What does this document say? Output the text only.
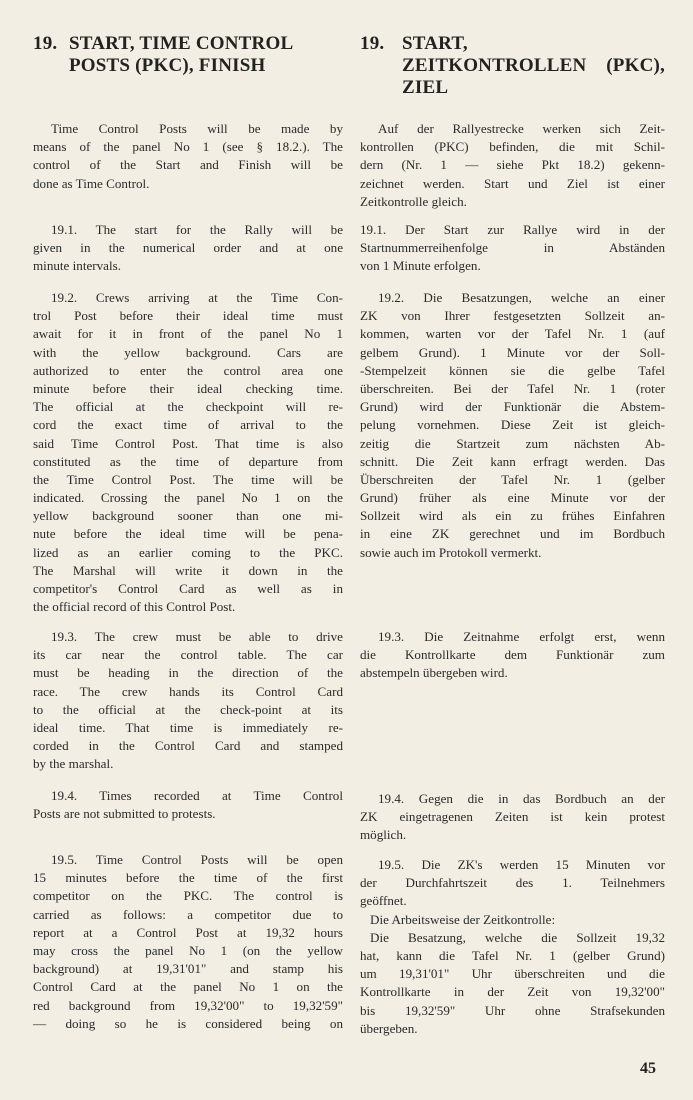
19. START, TIME CONTROL
POSTS (PKC), FINISH
Time Control Posts will be made by
means of the panel No 1 (see § 18.2.). The
control of the Start and Finish will be
done as Time Control.
19.1. The start for the Rally will be
given in the numerical order and at one
minute intervals.
19.2. Crews arriving at the Time Con-
trol Post before their ideal time must
await for it in front of the panel No 1
with the yellow background. Cars are
authorized to enter the control area one
minute before their ideal checking time.
The official at the checkpoint will re-
cord the exact time of arrival to the
said Time Control Post. That time is also
constituted as the time of departure from
the Time Control Post. The time will be
indicated. Crossing the panel No 1 on the
yellow background sooner than one mi-
nute before the ideal time will be pena-
lized as an earlier coming to the PKC.
The Marshal will write it down in the
competitor's Control Card as well as in
the official record of this Control Post.
19.3. The crew must be able to drive
its car near the control table. The car
must be heading in the direction of the
race. The crew hands its Control Card
to the official at the check-point at its
ideal time. That time is immediately re-
corded in the Control Card and stamped
by the marshal.
19.4. Times recorded at Time Control
Posts are not submitted to protests.
19.5. Time Control Posts will be open
15 minutes before the time of the first
competitor on the PKC. The control is
carried as follows: a competitor due to
report at a Control Post at 19,32 hours
may cross the panel No 1 (on the yellow
background) at 19,31'01" and stamp his
Control Card at the panel No 1 on the
red background from 19,32'00" to 19,32'59"
— doing so he is considered being on
19. START,
ZEITKONTROLLEN (PKC),
ZIEL
Auf der Rallyestrecke werken sich Zeit-
kontrollen (PKC) befinden, die mit Schil-
dern (Nr. 1 — siehe Pkt 18.2) gekenn-
zeichnet werden. Start und Ziel ist einer
Zeitkontrolle gleich.
19.1. Der Start zur Rallye wird in der
Startnummerreihenfolge in Abständen
von 1 Minute erfolgen.
19.2. Die Besatzungen, welche an einer
ZK von Ihrer festgesetzten Sollzeit an-
kommen, warten vor der Tafel Nr. 1 (auf
gelbem Grund). 1 Minute vor der Soll-
-Stempelzeit können sie die gelbe Tafel
überschreiten. Bei der Tafel Nr. 1 (roter
Grund) wird der Funktionär die Abstem-
pelung vornehmen. Diese Zeit ist gleich-
zeitig die Startzeit zum nächsten Ab-
schnitt. Die Zeit kann erfragt werden. Das
Überschreiten der Tafel Nr. 1 (gelber
Grund) früher als eine Minute vor der
Sollzeit wird als ein zu frühes Einfahren
in eine ZK gerechnet und im Bordbuch
sowie auch im Protokoll vermerkt.
19.3. Die Zeitnahme erfolgt erst, wenn
die Kontrollkarte dem Funktionär zum
abstempeln übergeben wird.
19.4. Gegen die in das Bordbuch an der
ZK eingetragenen Zeiten ist kein protest
möglich.
19.5. Die ZK's werden 15 Minuten vor
der Durchfahrtszeit des 1. Teilnehmers
geöffnet.
Die Arbeitsweise der Zeitkontrolle:
Die Besatzung, welche die Sollzeit 19,32
hat, kann die Tafel Nr. 1 (gelber Grund)
um 19,31'01" Uhr überschreiten und die
Kontrollkarte in der Zeit von 19,32'00"
bis 19,32'59" Uhr ohne Strafsekunden
übergeben.
45
